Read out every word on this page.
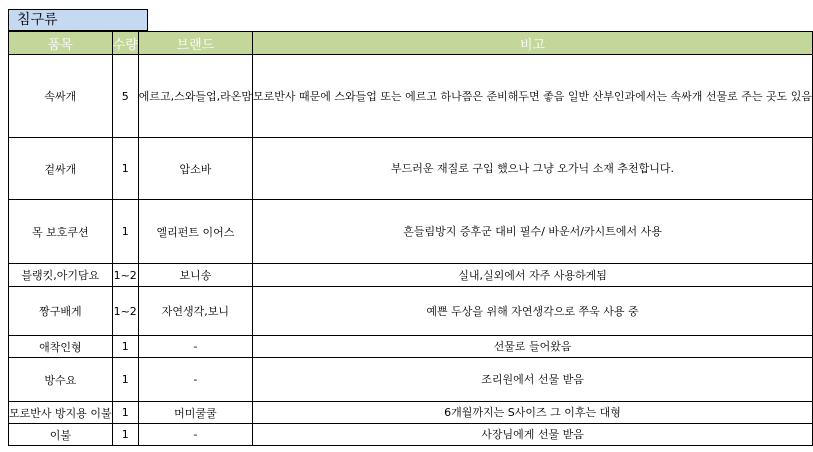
침구류
품목	수량	브랜드	비고
속싸개	5	에르고,스와들업,라온맘	모로반사 때문에 스와들업 또는 에르고 하나쯤은 준비해두면 좋음 일반 산부인과에서는 속싸개 선물로 주는 곳도 있음
겉싸개	1	압소바	부드러운 재질로 구입 했으나 그냥 오가닉 소재 추천합니다.
목 보호쿠션	1	엘리펀트 이어스	흔들림방지 증후군 대비 필수/ 바운서/카시트에서 사용
블랭킷,아기담요	1~2	보니송	실내,실외에서 자주 사용하게됨
짱구배게	1~2	자연생각,보니	예쁜 두상을 위해 자연생각으로 쭈욱 사용 중
애착인형	1	-	선물로 들어왔음
방수요	1	-	조리원에서 선물 받음
모로반사 방지용 이불	1	머미쿨쿨	6개월까지는 S사이즈 그 이후는 대형
이불	1	-	사장님에게 선물 받음
